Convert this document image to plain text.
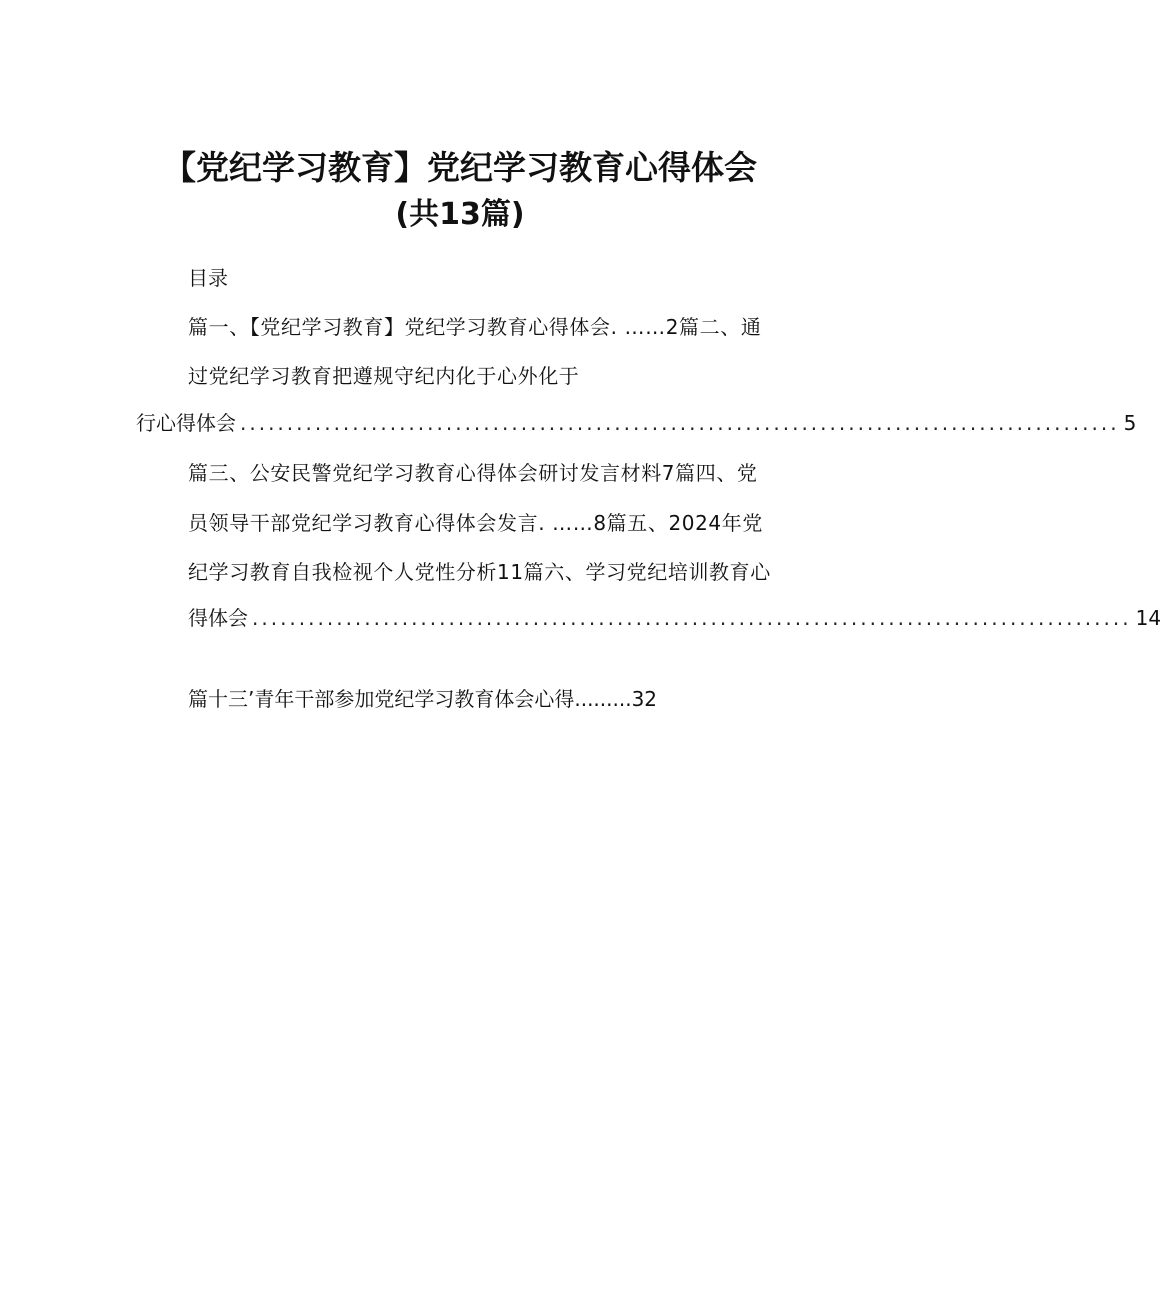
【党纪学习教育】党纪学习教育心得体会
(共13篇)
目录
篇一、【党纪学习教育】党纪学习教育心得体会. ……2篇二、通
过党纪学习教育把遵规守纪内化于心外化于
行心得体会 .............................................................................................. 5
篇三、公安民警党纪学习教育心得体会研讨发言材料7篇四、党
员领导干部党纪学习教育心得体会发言. ……8篇五、2024年党
纪学习教育自我检视个人党性分析11篇六、学习党纪培训教育心
得体会 .............................................................................................. 14
篇十三’青年干部参加党纪学习教育体会心得.........32
